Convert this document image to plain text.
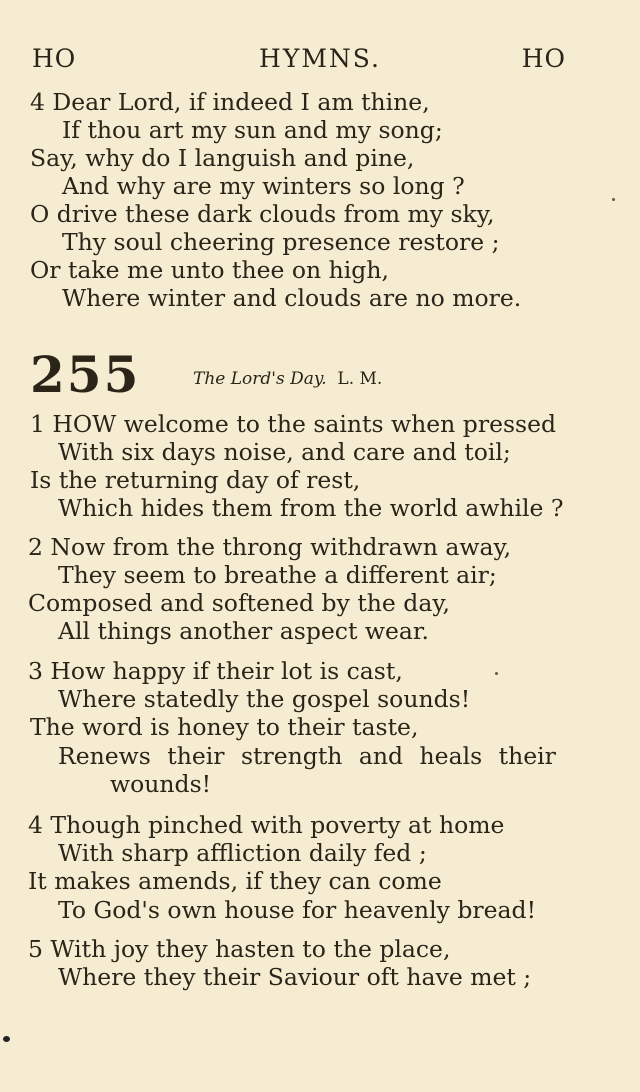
HO	HYMNS.	HO
4 Dear Lord, if indeed I am thine,
If thou art my sun and my song;
Say, why do I languish and pine,
And why are my winters so long ?
O drive these dark clouds from my sky,
Thy soul cheering presence restore ;
Or take me unto thee on high,
Where winter and clouds are no more.
255	The Lord's Day. L. M.
1 HOW welcome to the saints when pressed
With six days noise, and care and toil;
Is the returning day of rest,
Which hides them from the world awhile ?
2 Now from the throng withdrawn away,
They seem to breathe a different air;
Composed and softened by the day,
All things another aspect wear.
3 How happy if their lot is cast,
Where statedly the gospel sounds!
The word is honey to their taste,
Renews their strength and heals their
wounds!
4 Though pinched with poverty at home
With sharp affliction daily fed ;
It makes amends, if they can come
To God's own house for heavenly bread!
5 With joy they hasten to the place,
Where they their Saviour oft have met ;
